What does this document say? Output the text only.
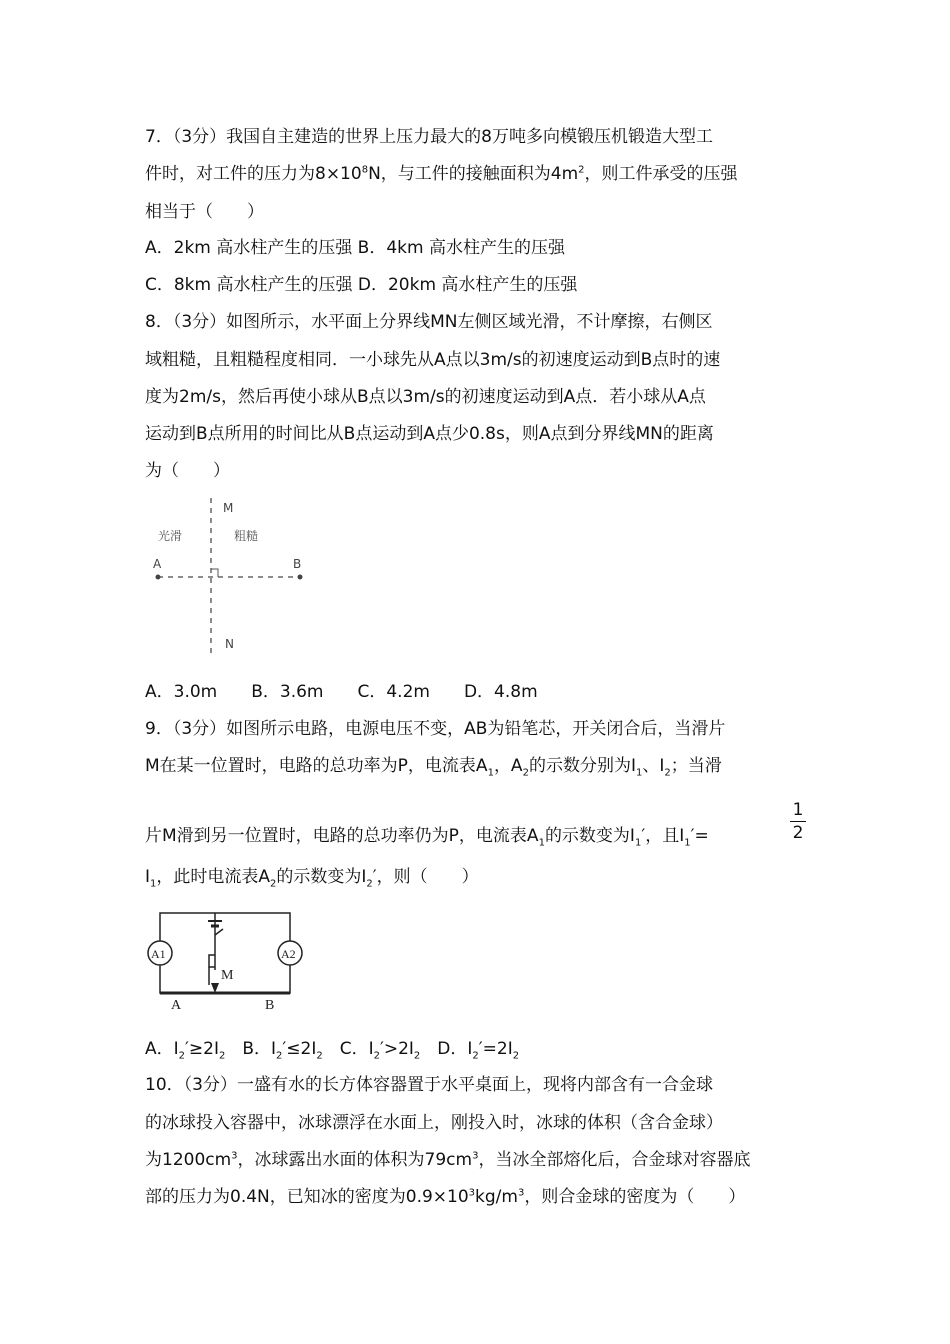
7．（3分）我国自主建造的世界上压力最大的8万吨多向模锻压机锻造大型工
件时，对工件的压力为$8\times 10^8N$，与工件的接触面积为$4m^2$，则工件承受的压强
相当于（　　）
A．2km 高水柱产生的压强 B．4km 高水柱产生的压强
C．8km 高水柱产生的压强 D．20km 高水柱产生的压强
8．（3分）如图所示，水平面上分界线MN左侧区域光滑，不计摩擦，右侧区
域粗糙，且粗糙程度相同．一小球先从A点以3m/s的初速度运动到B点时的速
度为2m/s，然后再使小球从B点以3m/s的初速度运动到A点．若小球从A点
运动到B点所用的时间比从B点运动到A点少0.8s，则A点到分界线MN的距离
为（　　）
M
N
光滑	粗糙
A	B
A．3.0m　　B．3.6m　　C．4.2m　　D．4.8m
9．（3分）如图所示电路，电源电压不变，AB为铅笔芯，开关闭合后，当滑片
M在某一位置时，电路的总功率为P，电流表$A_1$，$A_2$的示数分别为$I_1$、$I_2$；当滑
片M滑到另一位置时，电路的总功率仍为P，电流表$A_1$的示数变为$I_1'$，且$I_1'=$
1
2
$I_1$，此时电流表$A_2$的示数变为$I_2'$，则（　　）
A1	A2
M
A	B
A．$I_2'\ge 2I_2$　B．$I_2'\le 2I_2$　C．$I_2'>2I_2$　D．$I_2'=2I_2$
10．（3分）一盛有水的长方体容器置于水平桌面上，现将内部含有一合金球
的冰球投入容器中，冰球漂浮在水面上，刚投入时，冰球的体积（含合金球）
为$1200cm^3$，冰球露出水面的体积为$79cm^3$，当冰全部熔化后，合金球对容器底
部的压力为0.4N，已知冰的密度为$0.9\times 10^3kg/m^3$，则合金球的密度为（　　）
